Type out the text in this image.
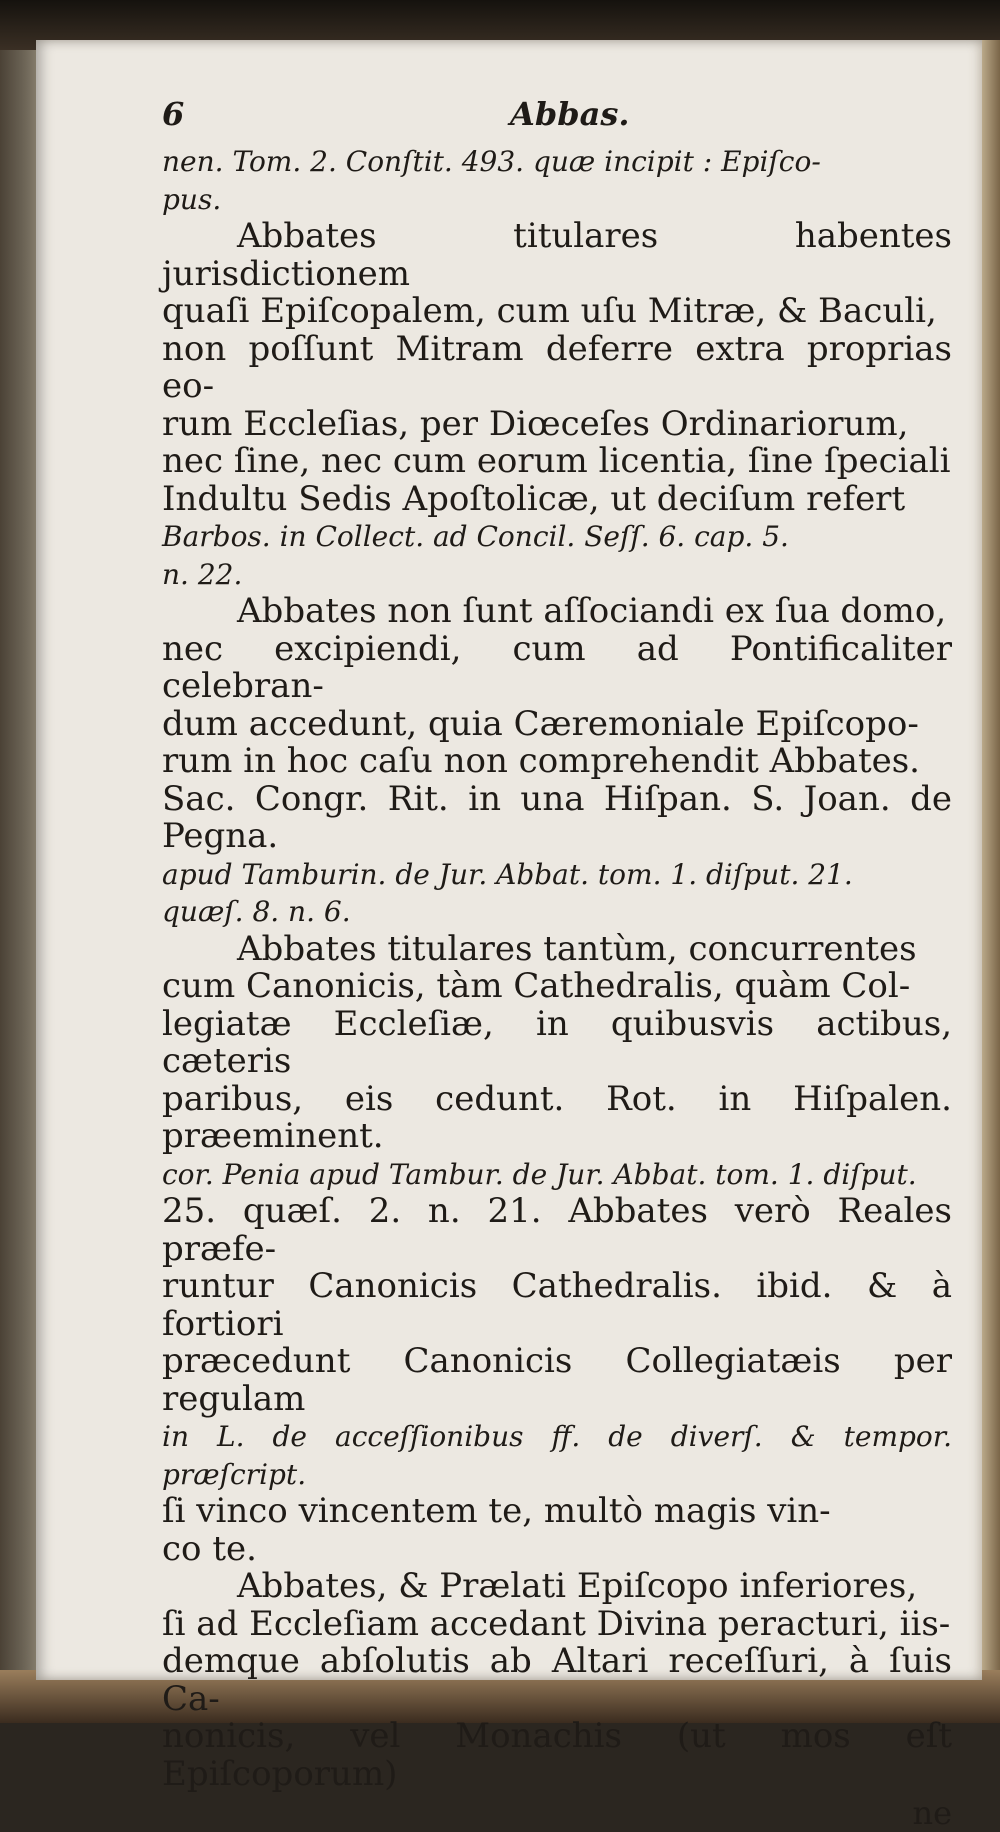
6	Abbas.
nen. Tom. 2. Conſtit. 493. quæ incipit : Epiſco-
pus.
Abbates titulares habentes jurisdictionem
quaſi Epiſcopalem, cum uſu Mitræ, & Baculi,
non poſſunt Mitram deferre extra proprias eo-
rum Eccleſias, per Diœceſes Ordinariorum,
nec ſine, nec cum eorum licentia, ſine ſpeciali
Indultu Sedis Apoſtolicæ, ut deciſum refert
Barbos. in Collect. ad Concil. Seſſ. 6. cap. 5.
n. 22.
Abbates non ſunt aſſociandi ex ſua domo,
nec excipiendi, cum ad Pontificaliter celebran-
dum accedunt, quia Cæremoniale Epiſcopo-
rum in hoc caſu non comprehendit Abbates.
Sac. Congr. Rit. in una Hiſpan. S. Joan. de Pegna.
apud Tamburin. de Jur. Abbat. tom. 1. diſput. 21.
quæſ. 8. n. 6.
Abbates titulares tantùm, concurrentes
cum Canonicis, tàm Cathedralis, quàm Col-
legiatæ Eccleſiæ, in quibusvis actibus, cæteris
paribus, eis cedunt. Rot. in Hiſpalen. præeminent.
cor. Penia apud Tambur. de Jur. Abbat. tom. 1. diſput.
25. quæſ. 2. n. 21. Abbates verò Reales præfe-
runtur Canonicis Cathedralis. ibid. & à fortiori
præcedunt Canonicis Collegiatæis per regulam
in L. de acceſſionibus ff. de diverſ. & tempor. præſcript.
ſi vinco vincentem te, multò magis vin-
co te.
Abbates, & Prælati Epiſcopo inferiores,
ſi ad Eccleſiam accedant Divina peracturi, iis-
demque abſolutis ab Altari receſſuri, à ſuis Ca-
nonicis, vel Monachis (ut mos eſt Epiſcoporum)
ne
